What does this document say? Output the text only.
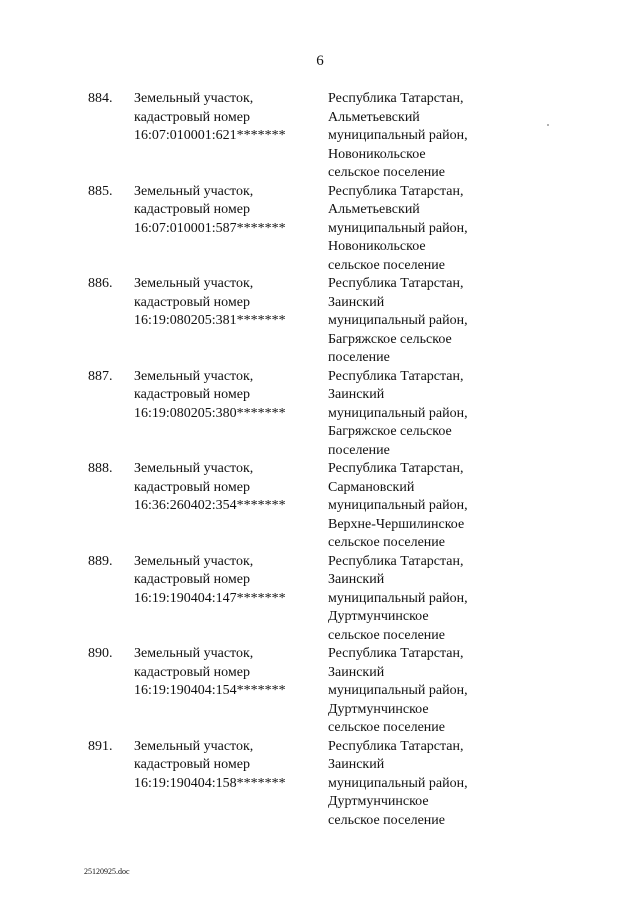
6
884. Земельный участок,
кадастровый номер
16:07:010001:621*******
Республика Татарстан,
Альметьевский
муниципальный район,
Новоникольское
сельское поселение
885. Земельный участок,
кадастровый номер
16:07:010001:587*******
Республика Татарстан,
Альметьевский
муниципальный район,
Новоникольское
сельское поселение
886. Земельный участок,
кадастровый номер
16:19:080205:381*******
Республика Татарстан,
Заинский
муниципальный район,
Багряжское сельское
поселение
887. Земельный участок,
кадастровый номер
16:19:080205:380*******
Республика Татарстан,
Заинский
муниципальный район,
Багряжское сельское
поселение
888. Земельный участок,
кадастровый номер
16:36:260402:354*******
Республика Татарстан,
Сармановский
муниципальный район,
Верхне-Чершилинское
сельское поселение
889. Земельный участок,
кадастровый номер
16:19:190404:147*******
Республика Татарстан,
Заинский
муниципальный район,
Дуртмунчинское
сельское поселение
890. Земельный участок,
кадастровый номер
16:19:190404:154*******
Республика Татарстан,
Заинский
муниципальный район,
Дуртмунчинское
сельское поселение
891. Земельный участок,
кадастровый номер
16:19:190404:158*******
Республика Татарстан,
Заинский
муниципальный район,
Дуртмунчинское
сельское поселение
25120925.doc
